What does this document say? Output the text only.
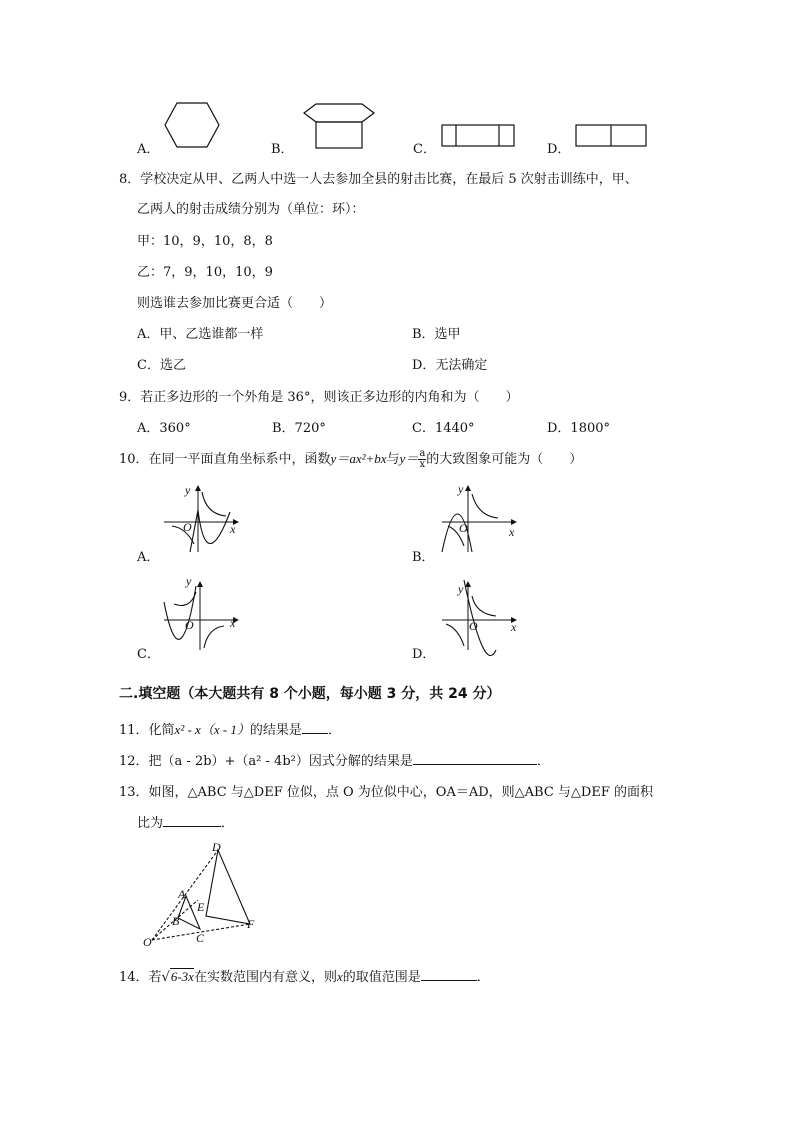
A．	B．	C．	D．
8．学校决定从甲、乙两人中选一人去参加全县的射击比赛，在最后 5 次射击训练中，甲、
乙两人的射击成绩分别为（单位：环）：
甲：10，9，10，8，8
乙：7，9，10，10，9
则选谁去参加比赛更合适（　　）
A．甲、乙选谁都一样	B．选甲
C．选乙	D．无法确定
9．若正多边形的一个外角是 36°，则该正多边形的内角和为（　　）
A．360°	B．720°	C．1440°	D．1800°
10．在同一平面直角坐标系中，函数y＝ax²+bx与$y= \frac{a}{x}$ 的大致图象可能为（　　）
A．
y
x
O
B．
y
x
O
C．
y
x
O
D．
y
x
O
二.填空题（本大题共有 8 个小题，每小题 3 分，共 24 分）
11．化简x² - x（x - 1）的结果是 ．
12．把（a - 2b）+（a² - 4b²）因式分解的结果是	．
13．如图，△ABC 与△DEF 位似，点 O 为位似中心，OA＝AD，则△ABC 与△DEF 的面积
比为	．
D
A
E
B
C
F
O
14．若√6-3x在实数范围内有意义，则x的取值范围是	．
